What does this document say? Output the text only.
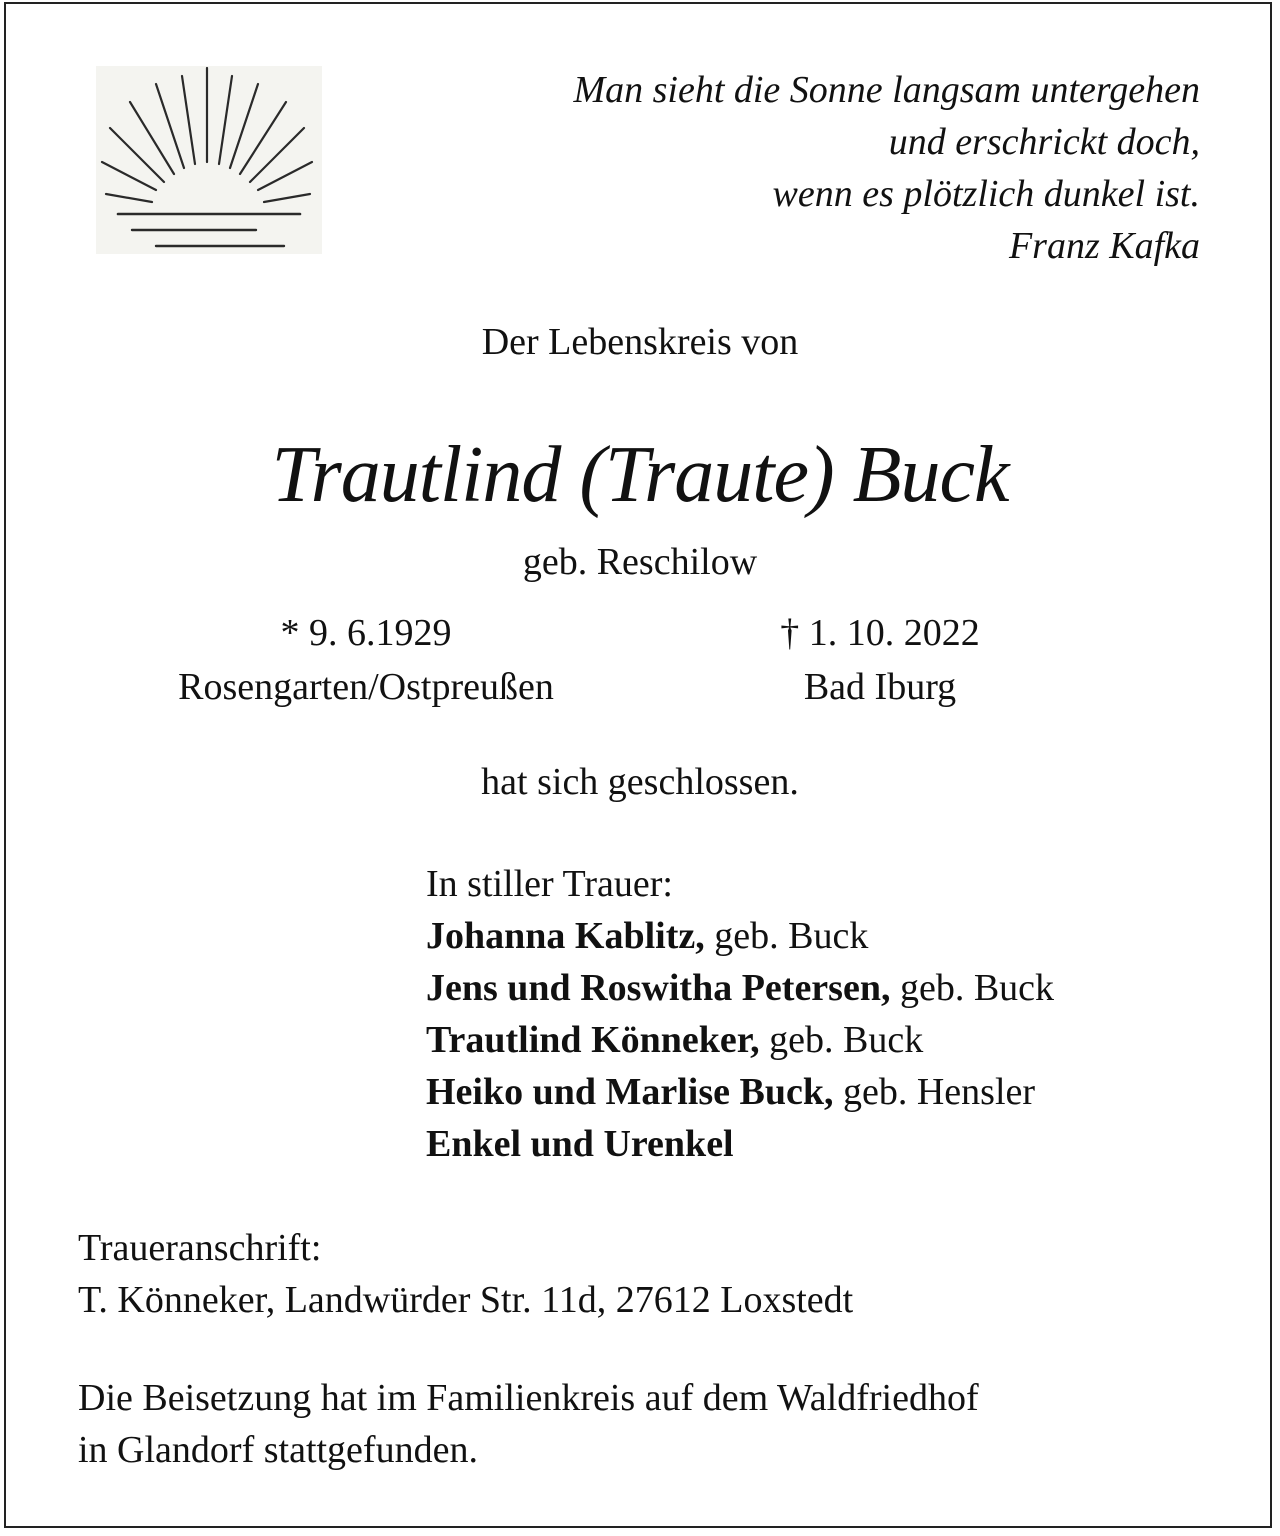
Man sieht die Sonne langsam untergehen
und erschrickt doch,
wenn es plötzlich dunkel ist.
Franz Kafka
Der Lebenskreis von
Trautlind (Traute) Buck
geb. Reschilow
* 9. 6.1929
Rosengarten/Ostpreußen
† 1. 10. 2022
Bad Iburg
hat sich geschlossen.
In stiller Trauer:
Johanna Kablitz, geb. Buck
Jens und Roswitha Petersen, geb. Buck
Trautlind Könneker, geb. Buck
Heiko und Marlise Buck, geb. Hensler
Enkel und Urenkel
Traueranschrift:
T. Könneker, Landwürder Str. 11d, 27612 Loxstedt
Die Beisetzung hat im Familienkreis auf dem Waldfriedhof
in Glandorf stattgefunden.
